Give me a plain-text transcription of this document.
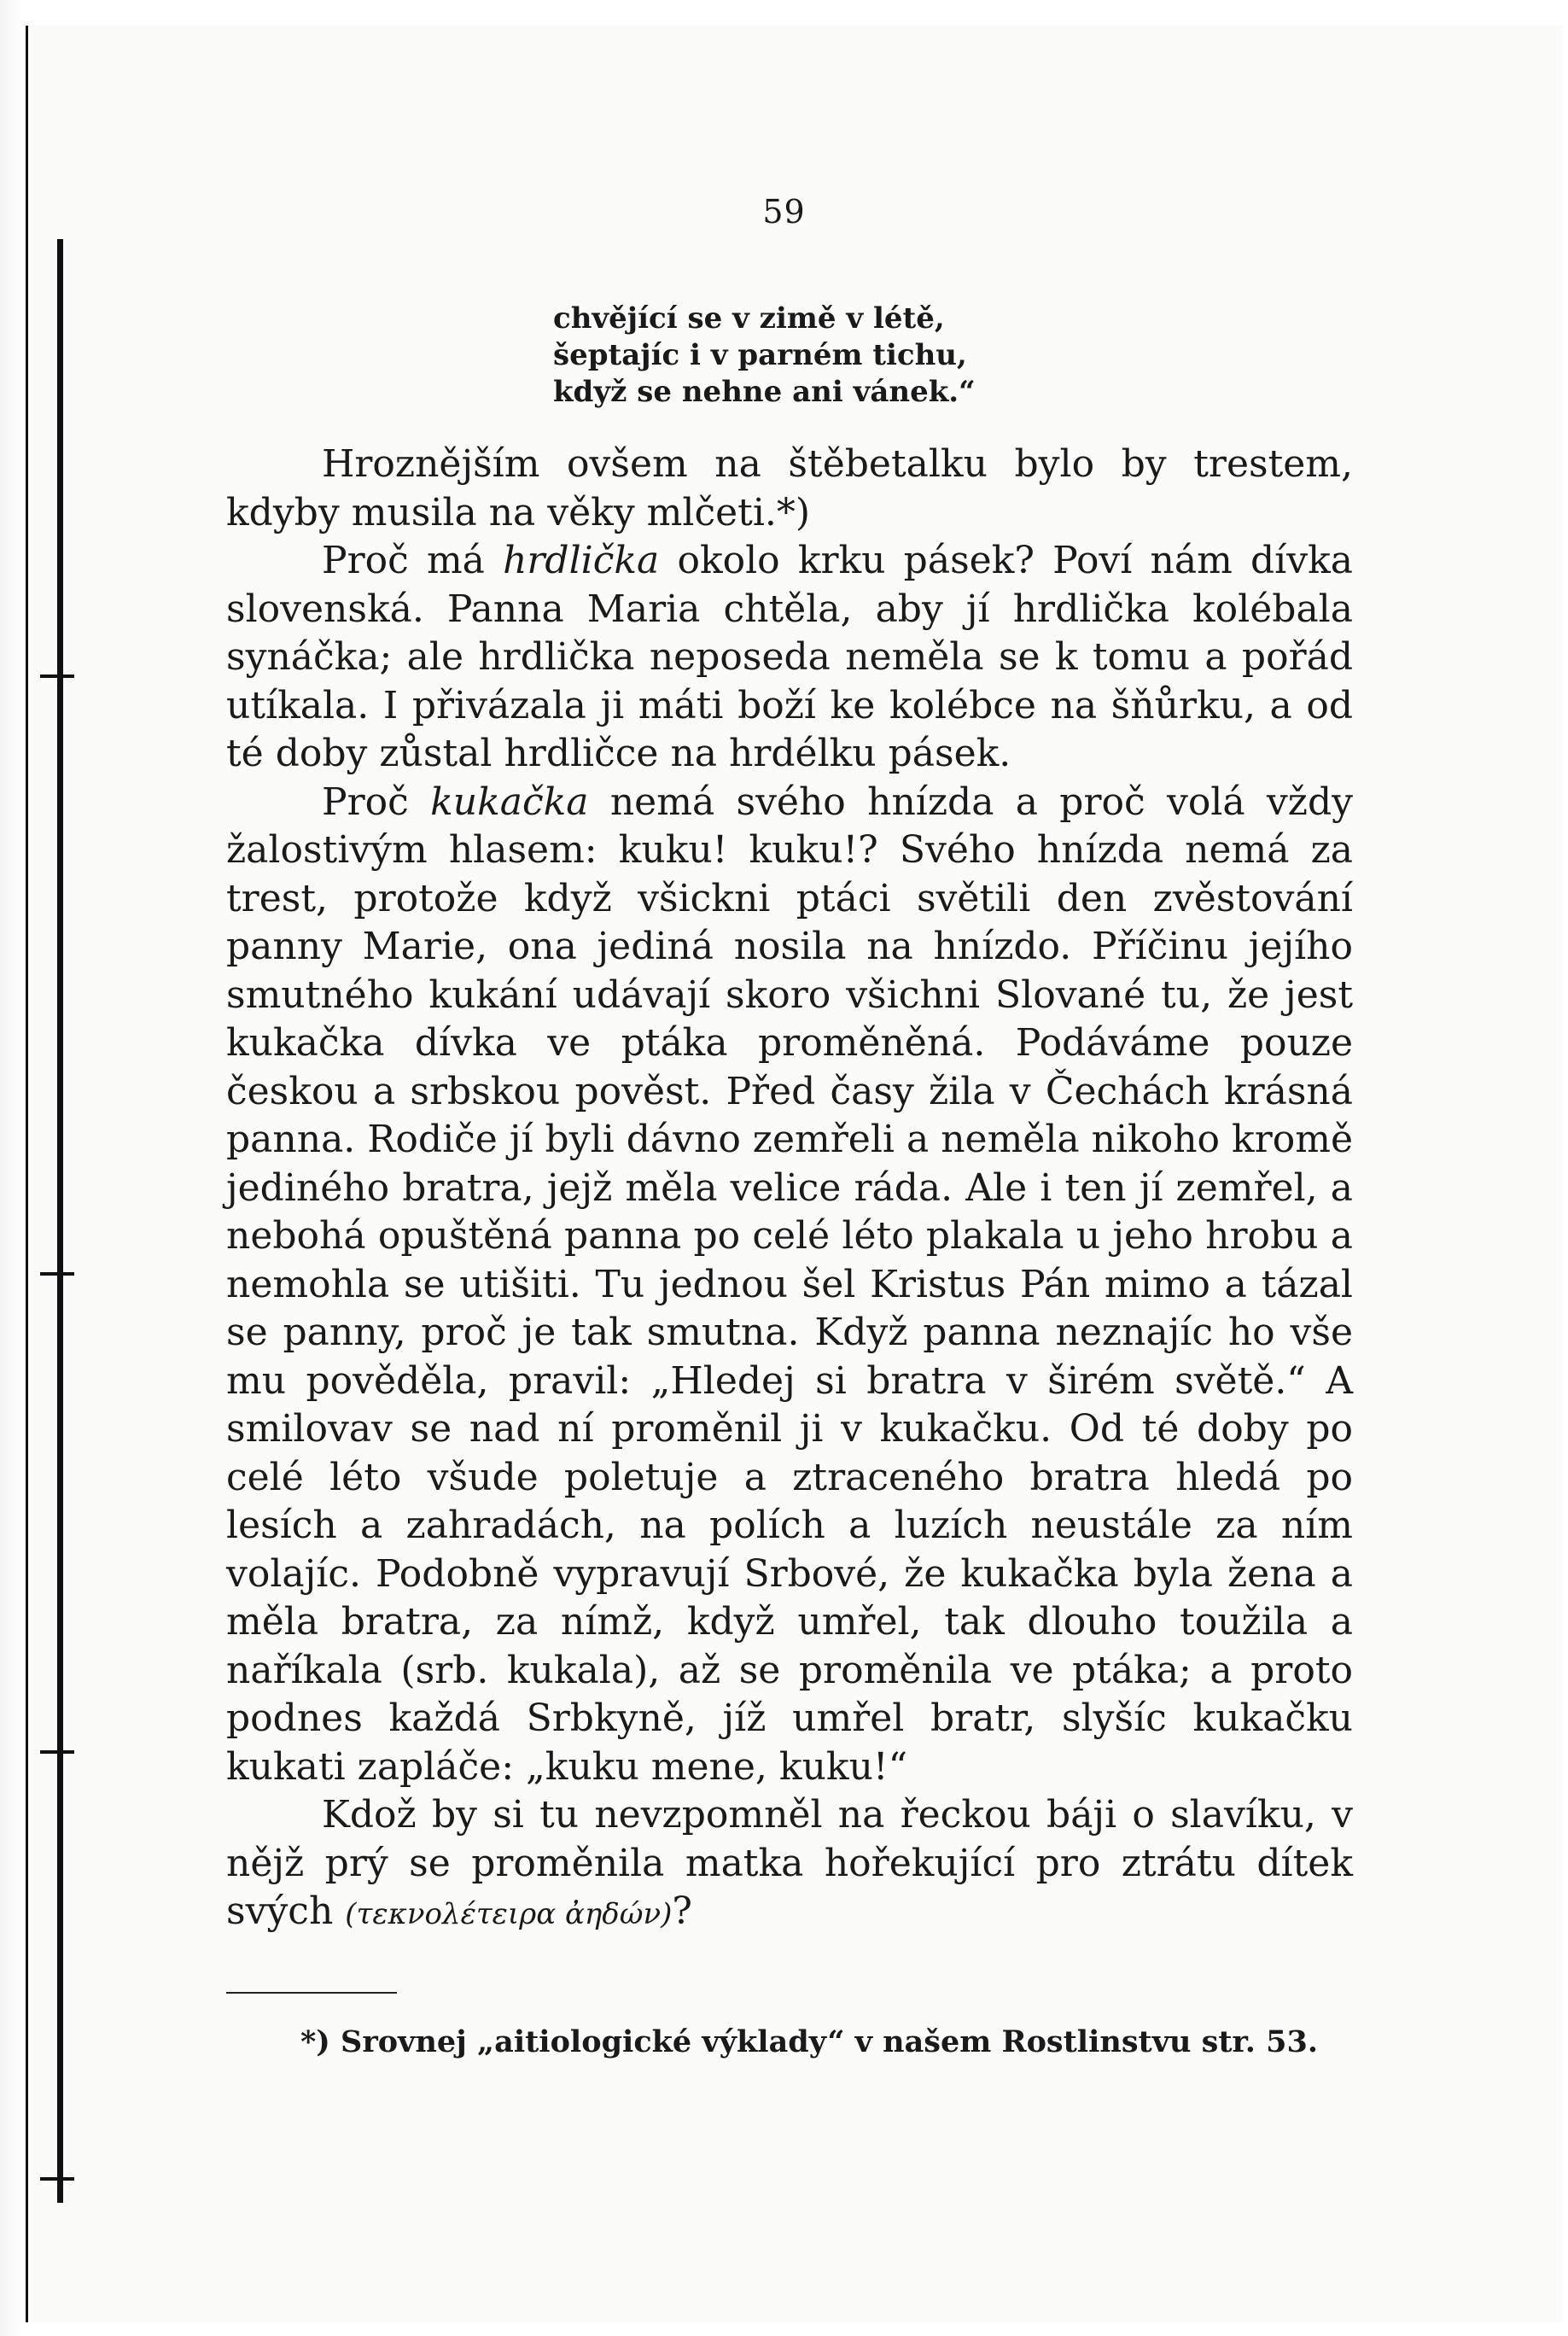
59
chvějící se v zimě v létě,
šeptajíc i v parném tichu,
když se nehne ani vánek.“

Hroznějším ovšem na štěbetalku bylo by trestem, kdyby musila na věky mlčeti.*)

Proč má hrdlička okolo krku pásek? Poví nám dívka slovenská. Panna Maria chtěla, aby jí hrdlička kolébala synáčka; ale hrdlička neposeda neměla se k tomu a pořád utíkala. I přivázala ji máti boží ke kolébce na šňůrku, a od té doby zůstal hrdličce na hrdélku pásek.

Proč kukačka nemá svého hnízda a proč volá vždy žalostivým hlasem: kuku! kuku!? Svého hnízda nemá za trest, protože když všickni ptáci světili den zvěstování panny Marie, ona jediná nosila na hnízdo. Příčinu jejího smutného kukání udávají skoro všichni Slované tu, že jest kukačka dívka ve ptáka proměněná. Podáváme pouze českou a srbskou pověst. Před časy žila v Čechách krásná panna. Rodiče jí byli dávno zemřeli a neměla nikoho kromě jediného bratra, jejž měla velice ráda. Ale i ten jí zemřel, a nebohá opuštěná panna po celé léto plakala u jeho hrobu a nemohla se utišiti. Tu jednou šel Kristus Pán mimo a tázal se panny, proč je tak smutna. Když panna neznajíc ho vše mu pověděla, pravil: „Hledej si bratra v širém světě.“ A smilovav se nad ní proměnil ji v kukačku. Od té doby po celé léto všude poletuje a ztraceného bratra hledá po lesích a zahradách, na polích a luzích neustále za ním volajíc. Podobně vypravují Srbové, že kukačka byla žena a měla bratra, za nímž, když umřel, tak dlouho toužila a naříkala (srb. kukala), až se proměnila ve ptáka; a proto podnes každá Srbkyně, jíž umřel bratr, slyšíc kukačku kukati zapláče: „kuku mene, kuku!“

Kdož by si tu nevzpomněl na řeckou báji o slavíku, v nějž prý se proměnila matka hořekující pro ztrátu dítek svých (τεκνολέτειρα ἀηδών)?

*) Srovnej „aitiologické výklady“ v našem Rostlinstvu str. 53.
